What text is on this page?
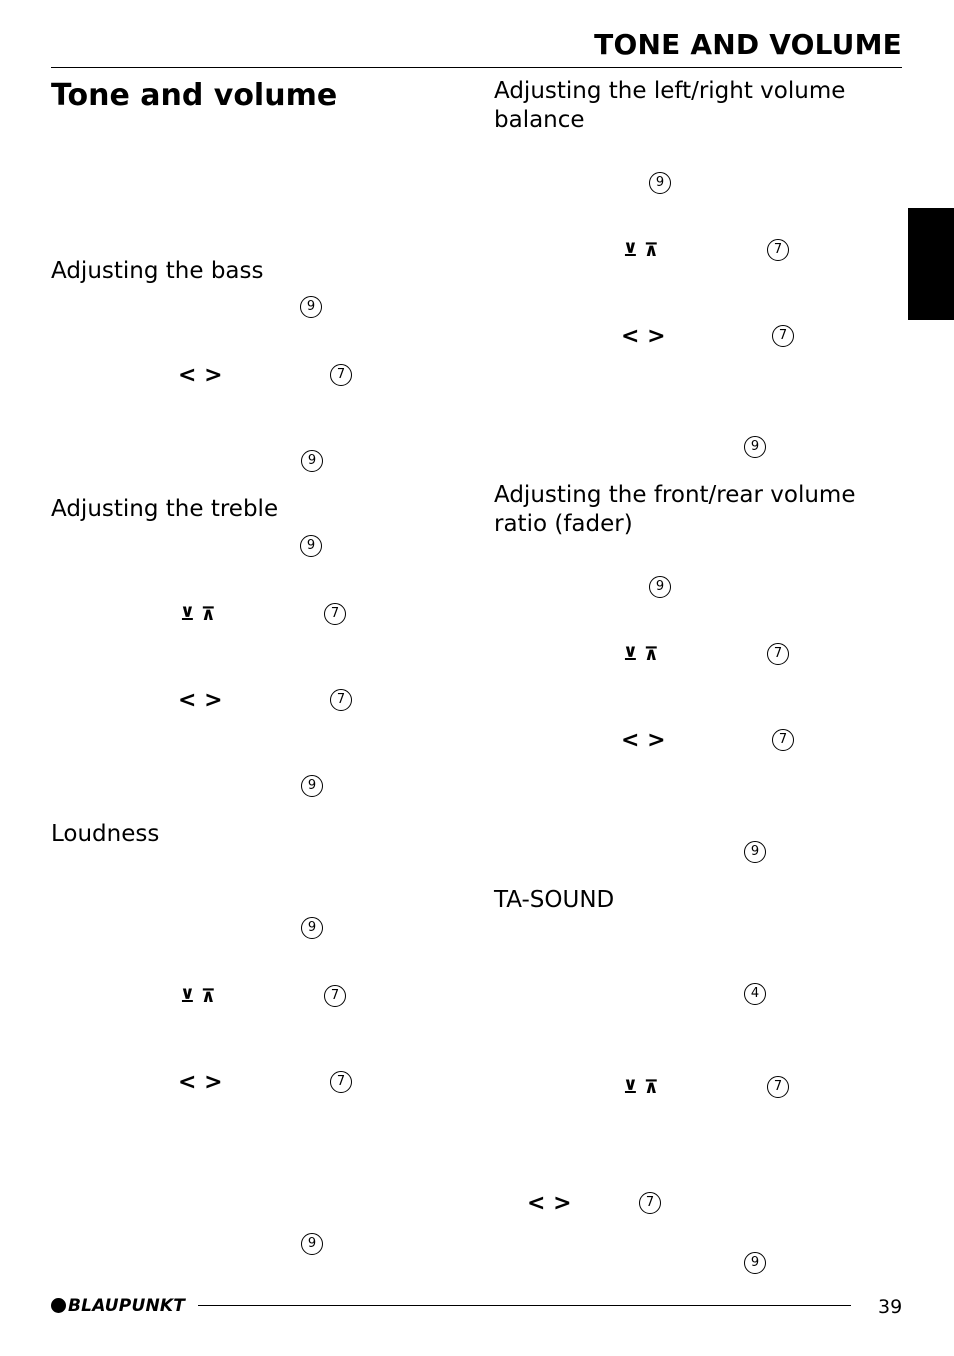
TONE AND VOLUME
Tone and volume
Adjusting the bass
9
< >	7
9
Adjusting the treble
9
⊻ ⊼	7
< >	7
9
Loudness
9
⊻ ⊼	7
< >	7
9
Adjusting the left/right volume balance
9
⊻ ⊼	7
< >	7
9
Adjusting the front/rear volume ratio (fader)
9
⊻ ⊼	7
< >	7
9
TA-SOUND
4
⊻ ⊼	7
< >	7
9
BLAUPUNKT	39
